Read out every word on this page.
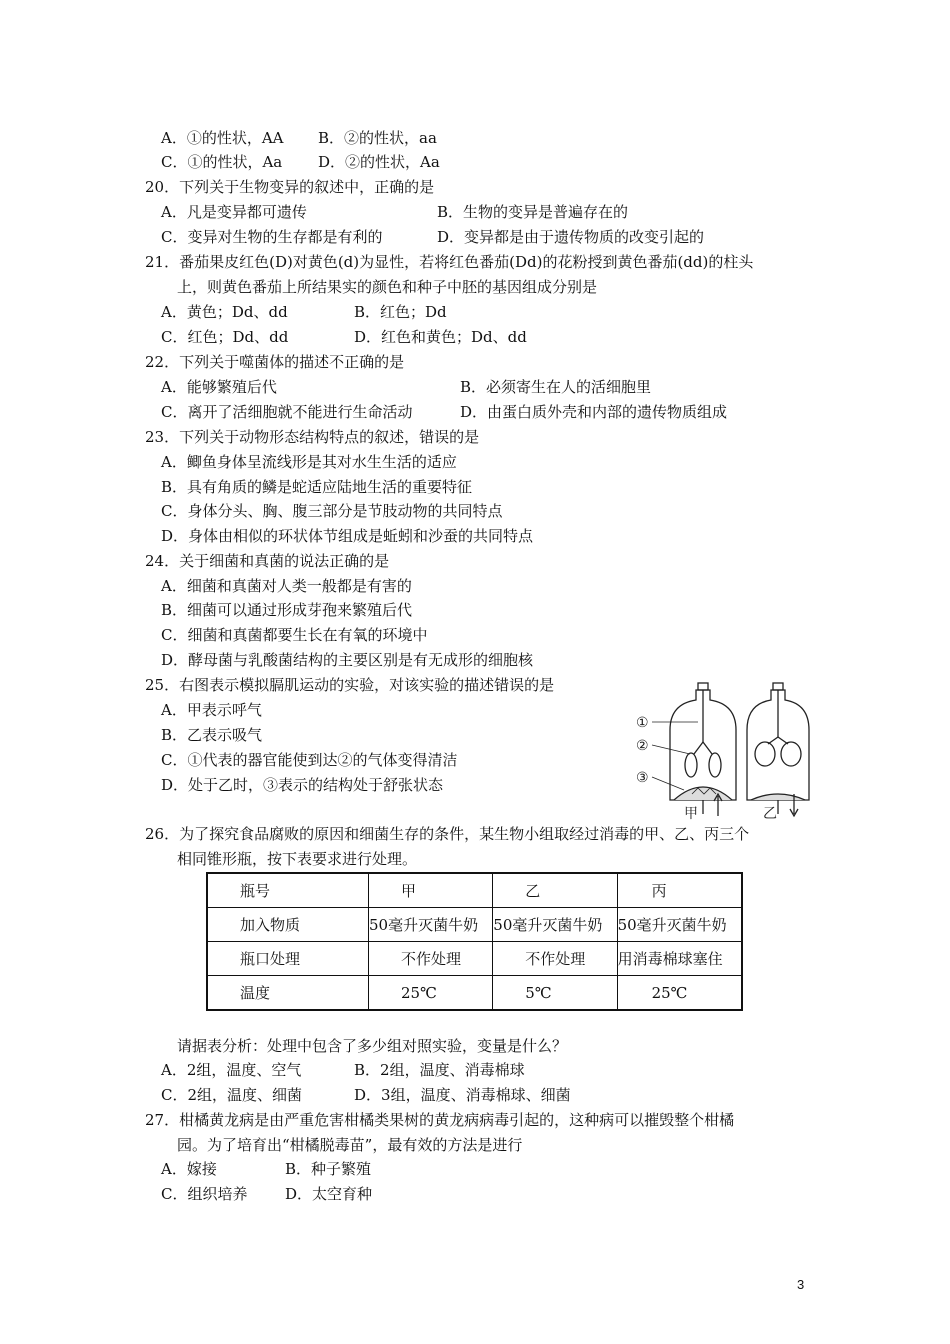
A．①的性状，AA B．②的性状，aa
C．①的性状，Aa D．②的性状，Aa
20．下列关于生物变异的叙述中，正确的是
A．凡是变异都可遗传	B．生物的变异是普遍存在的
C．变异对生物的生存都是有利的	D．变异都是由于遗传物质的改变引起的
21．番茄果皮红色(D)对黄色(d)为显性，若将红色番茄(Dd)的花粉授到黄色番茄(dd)的柱头
上，则黄色番茄上所结果实的颜色和种子中胚的基因组成分别是
A．黄色；Dd、dd	B．红色；Dd
C．红色；Dd、dd	D．红色和黄色；Dd、dd
22．下列关于噬菌体的描述不正确的是
A．能够繁殖后代	B．必须寄生在人的活细胞里
C．离开了活细胞就不能进行生命活动	D．由蛋白质外壳和内部的遗传物质组成
23．下列关于动物形态结构特点的叙述，错误的是
A．鲫鱼身体呈流线形是其对水生生活的适应
B．具有角质的鳞是蛇适应陆地生活的重要特征
C．身体分头、胸、腹三部分是节肢动物的共同特点
D．身体由相似的环状体节组成是蚯蚓和沙蚕的共同特点
24．关于细菌和真菌的说法正确的是
A．细菌和真菌对人类一般都是有害的
B．细菌可以通过形成芽孢来繁殖后代
C．细菌和真菌都要生长在有氧的环境中
D．酵母菌与乳酸菌结构的主要区别是有无成形的细胞核
25．右图表示模拟膈肌运动的实验，对该实验的描述错误的是
A．甲表示呼气
B．乙表示吸气
C．①代表的器官能使到达②的气体变得清洁
D．处于乙时，③表示的结构处于舒张状态
①
②
③
甲	乙
26．为了探究食品腐败的原因和细菌生存的条件，某生物小组取经过消毒的甲、乙、丙三个
相同锥形瓶，按下表要求进行处理。
瓶号	甲	乙	丙
加入物质	50毫升灭菌牛奶	50毫升灭菌牛奶	50毫升灭菌牛奶
瓶口处理	不作处理	不作处理	用消毒棉球塞住
温度	25℃	5℃	25℃
请据表分析：处理中包含了多少组对照实验，变量是什么？
A．2组，温度、空气	B．2组，温度、消毒棉球
C．2组，温度、细菌	D．3组，温度、消毒棉球、细菌
27．柑橘黄龙病是由严重危害柑橘类果树的黄龙病病毒引起的，这种病可以摧毁整个柑橘
园。为了培育出“柑橘脱毒苗”，最有效的方法是进行
A．嫁接	B．种子繁殖
C．组织培养	D．太空育种
3
